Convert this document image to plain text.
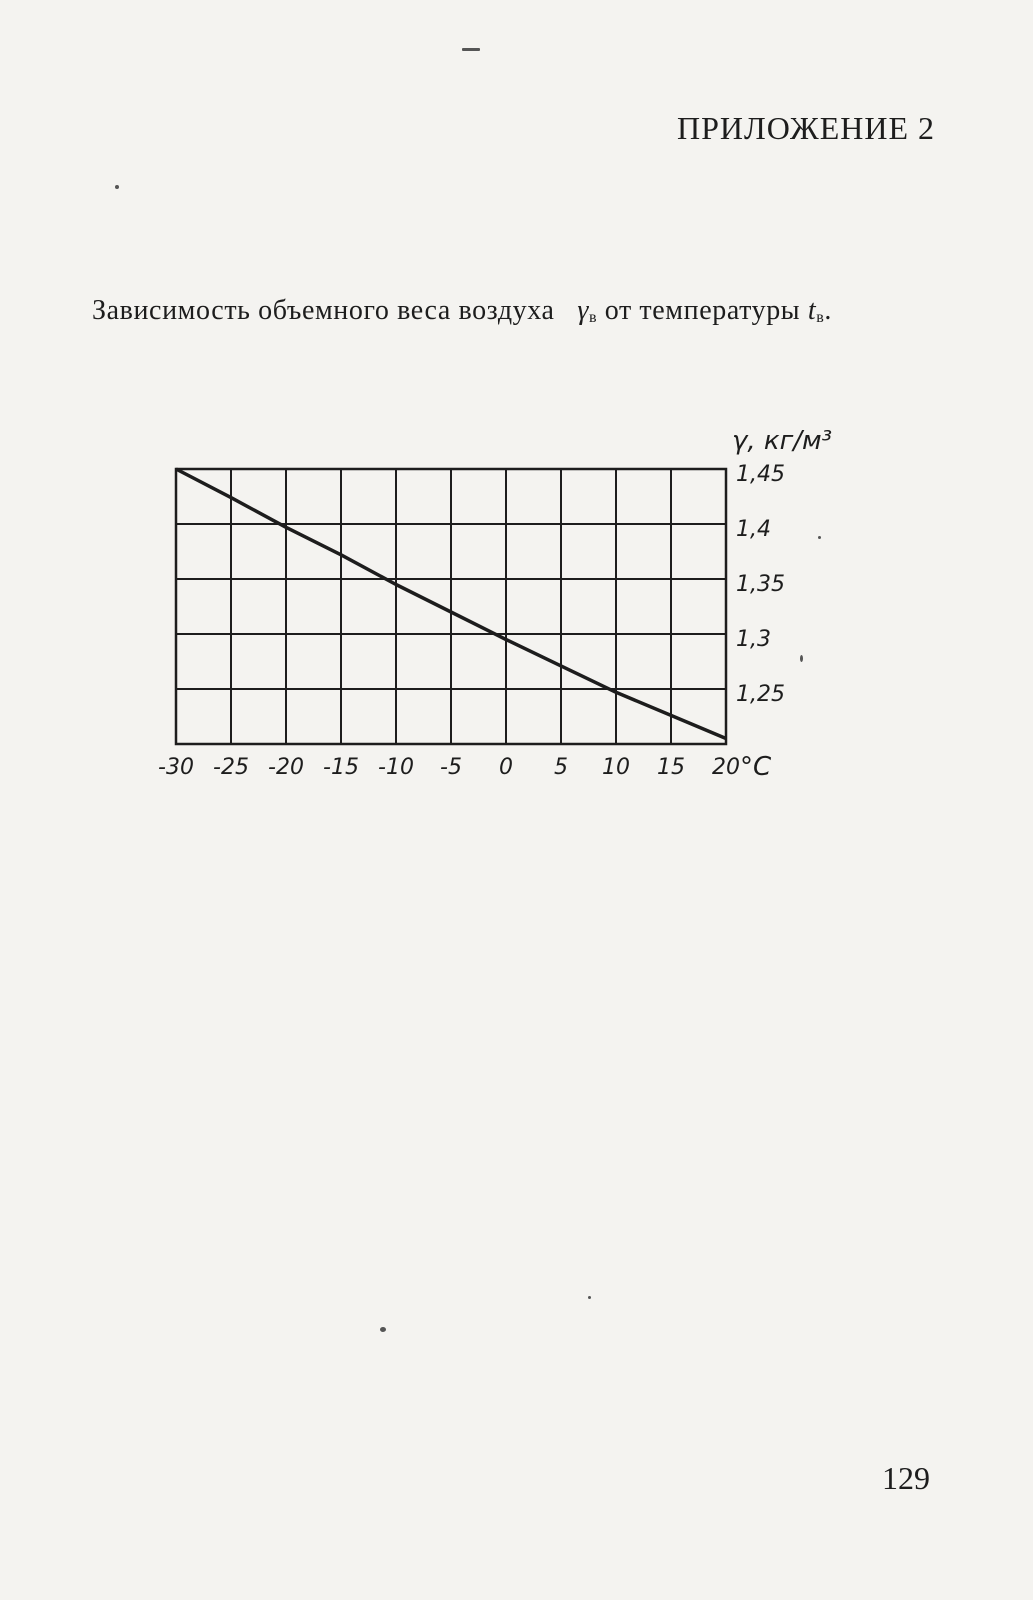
ПРИЛОЖЕНИЕ 2
Зависимость объемного веса воздуха $\gamma_в$ от температуры $t_в$.
-30 -25 -20 -15 -10 -5 0 5 10 15 20
1,45
1,4
1,35
1,3
1,25
°С
γ, кг/м³
129
